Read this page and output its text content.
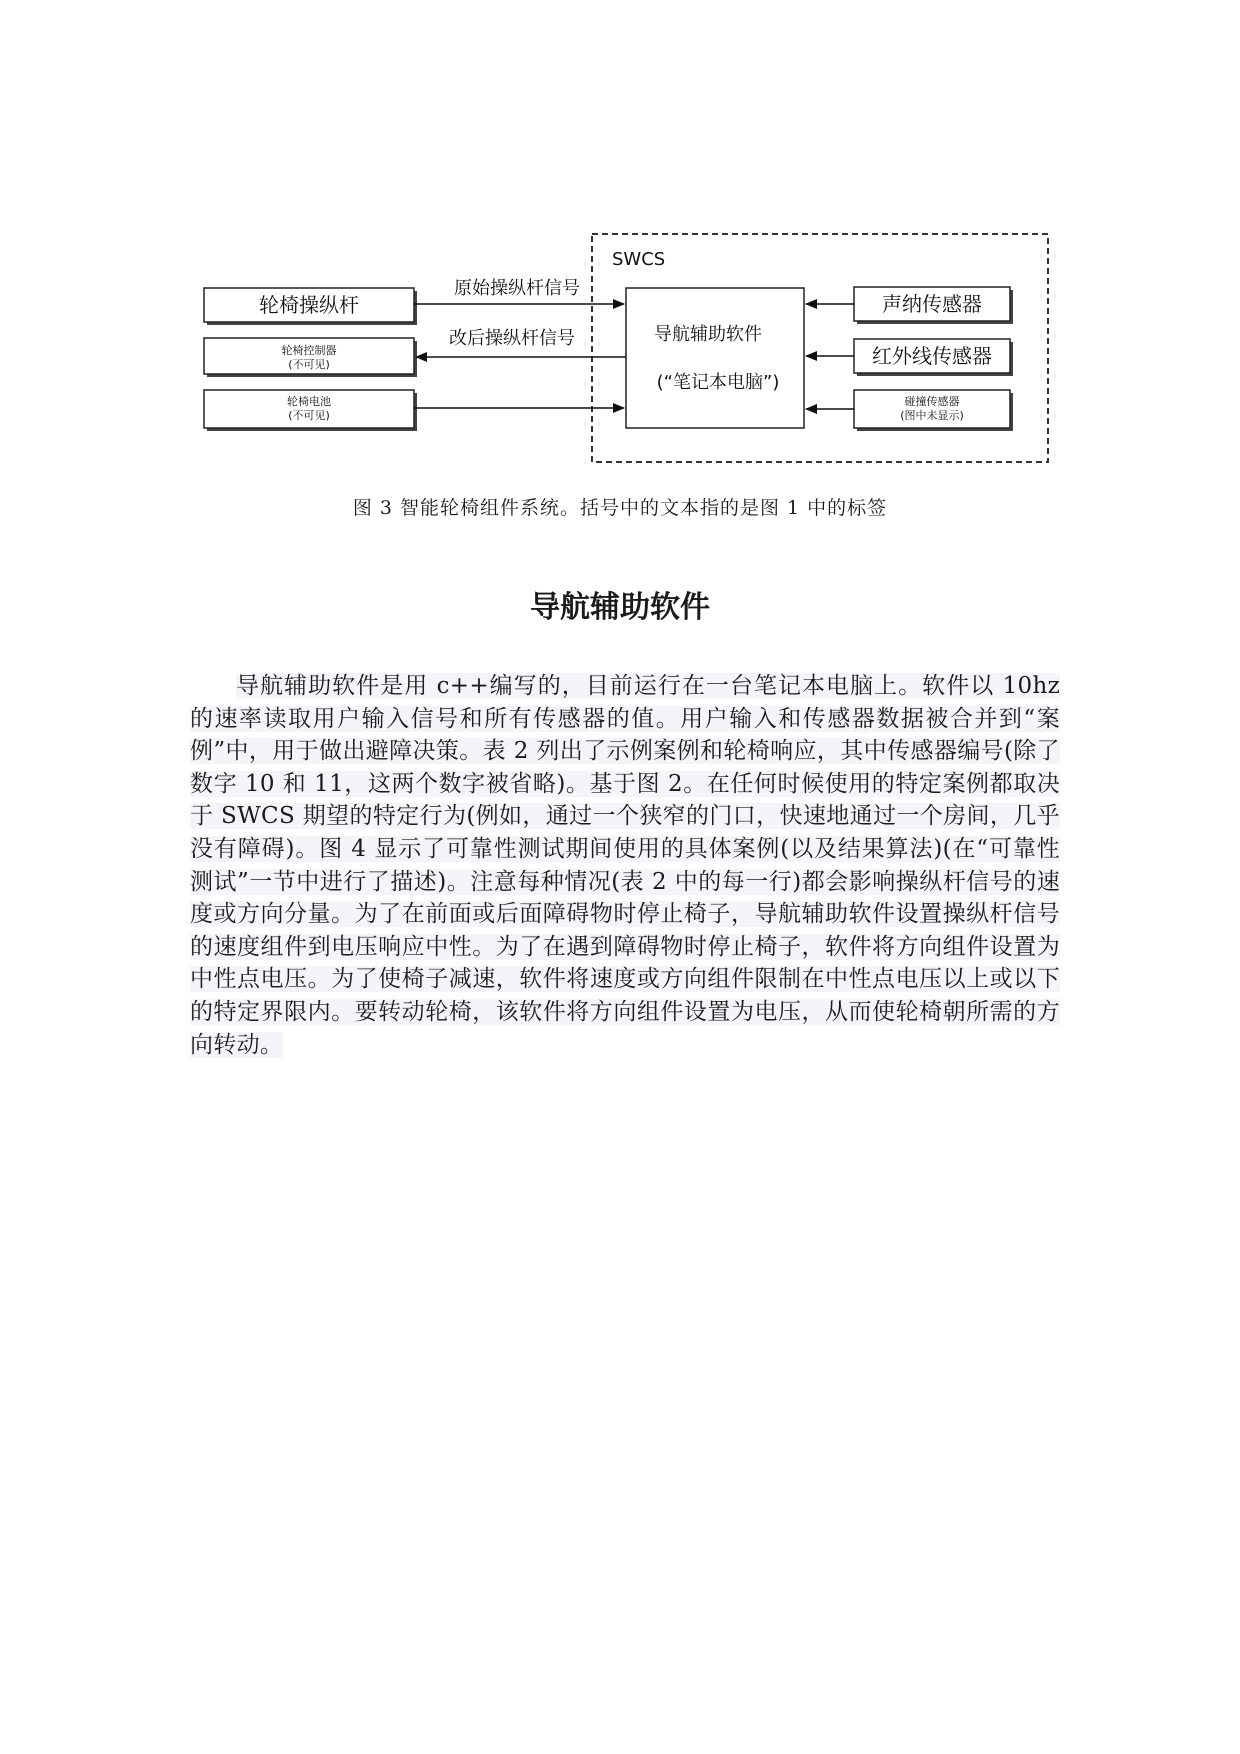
SWCS
轮椅操纵杆
轮椅控制器
(不可见)
轮椅电池
(不可见)
导航辅助软件
(“笔记本电脑”)
声纳传感器
红外线传感器
碰撞传感器
(图中未显示)
原始操纵杆信号
改后操纵杆信号
图 3 智能轮椅组件系统。括号中的文本指的是图 1 中的标签
导航辅助软件
导航辅助软件是用 c++编写的，目前运行在一台笔记本电脑上。软件以 10hz 的速率读取用户输入信号和所有传感器的值。用户输入和传感器数据被合并到“案例”中，用于做出避障决策。表 2 列出了示例案例和轮椅响应，其中传感器编号(除了数字 10 和 11，这两个数字被省略)。基于图 2。在任何时候使用的特定案例都取决于 SWCS 期望的特定行为(例如，通过一个狭窄的门口，快速地通过一个房间，几乎没有障碍)。图 4 显示了可靠性测试期间使用的具体案例(以及结果算法)(在“可靠性测试”一节中进行了描述)。注意每种情况(表 2 中的每一行)都会影响操纵杆信号的速度或方向分量。为了在前面或后面障碍物时停止椅子，导航辅助软件设置操纵杆信号的速度组件到电压响应中性。为了在遇到障碍物时停止椅子，软件将方向组件设置为中性点电压。为了使椅子减速，软件将速度或方向组件限制在中性点电压以上或以下的特定界限内。要转动轮椅，该软件将方向组件设置为电压，从而使轮椅朝所需的方向转动。
